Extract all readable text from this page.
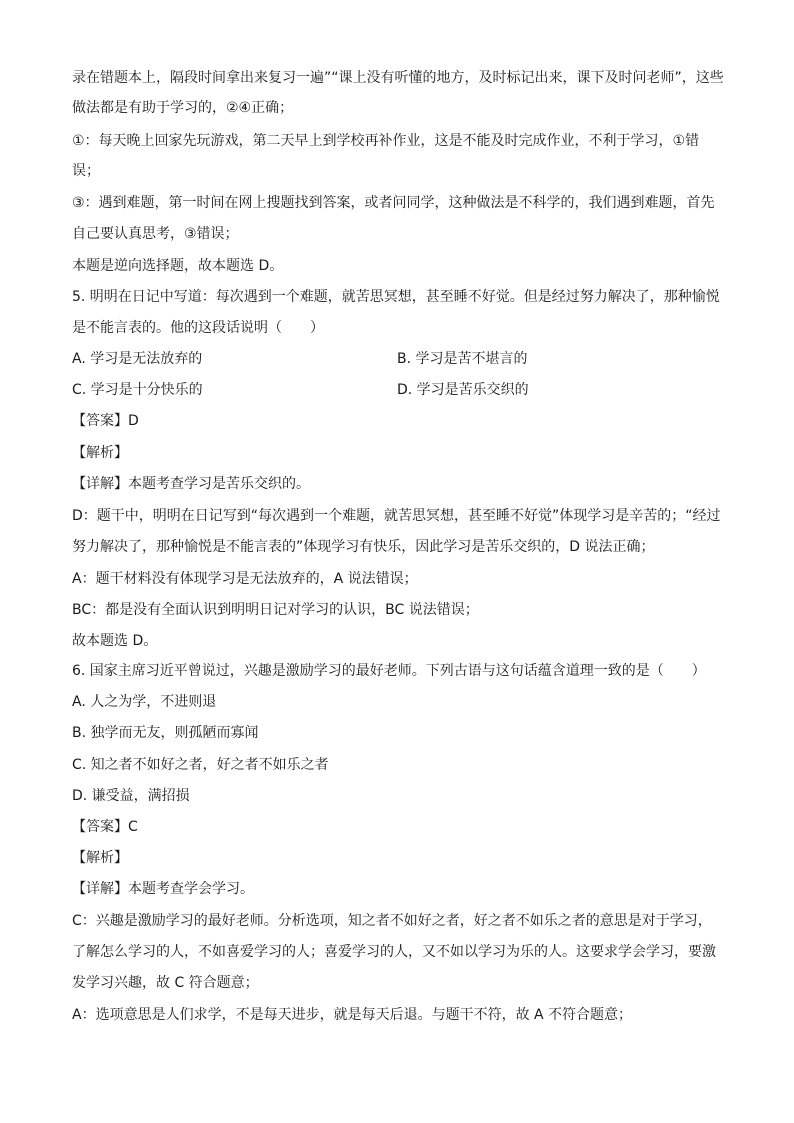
录在错题本上，隔段时间拿出来复习一遍”“课上没有听懂的地方，及时标记出来，课下及时问老师”，这些
做法都是有助于学习的，②④正确；
①：每天晚上回家先玩游戏，第二天早上到学校再补作业，这是不能及时完成作业，不利于学习，①错
误；
③：遇到难题，第一时间在网上搜题找到答案，或者问同学，这种做法是不科学的，我们遇到难题，首先
自己要认真思考，③错误；
本题是逆向选择题，故本题选 D。
5. 明明在日记中写道：每次遇到一个难题，就苦思冥想，甚至睡不好觉。但是经过努力解决了，那种愉悦
是不能言表的。他的这段话说明（　　）
A. 学习是无法放弃的	B. 学习是苦不堪言的
C. 学习是十分快乐的	D. 学习是苦乐交织的
【答案】D
【解析】
【详解】本题考查学习是苦乐交织的。
D：题干中，明明在日记写到“每次遇到一个难题，就苦思冥想，甚至睡不好觉”体现学习是辛苦的；“经过
努力解决了，那种愉悦是不能言表的”体现学习有快乐，因此学习是苦乐交织的，D 说法正确；
A：题干材料没有体现学习是无法放弃的，A 说法错误；
BC：都是没有全面认识到明明日记对学习的认识，BC 说法错误；
故本题选 D。
6. 国家主席习近平曾说过，兴趣是激励学习的最好老师。下列古语与这句话蕴含道理一致的是（　　）
A. 人之为学，不进则退
B. 独学而无友，则孤陋而寡闻
C. 知之者不如好之者，好之者不如乐之者
D. 谦受益，满招损
【答案】C
【解析】
【详解】本题考查学会学习。
C：兴趣是激励学习的最好老师。分析选项，知之者不如好之者，好之者不如乐之者的意思是对于学习，
了解怎么学习的人，不如喜爱学习的人；喜爱学习的人，又不如以学习为乐的人。这要求学会学习，要激
发学习兴趣，故 C 符合题意；
A：选项意思是人们求学，不是每天进步，就是每天后退。与题干不符，故 A 不符合题意；
